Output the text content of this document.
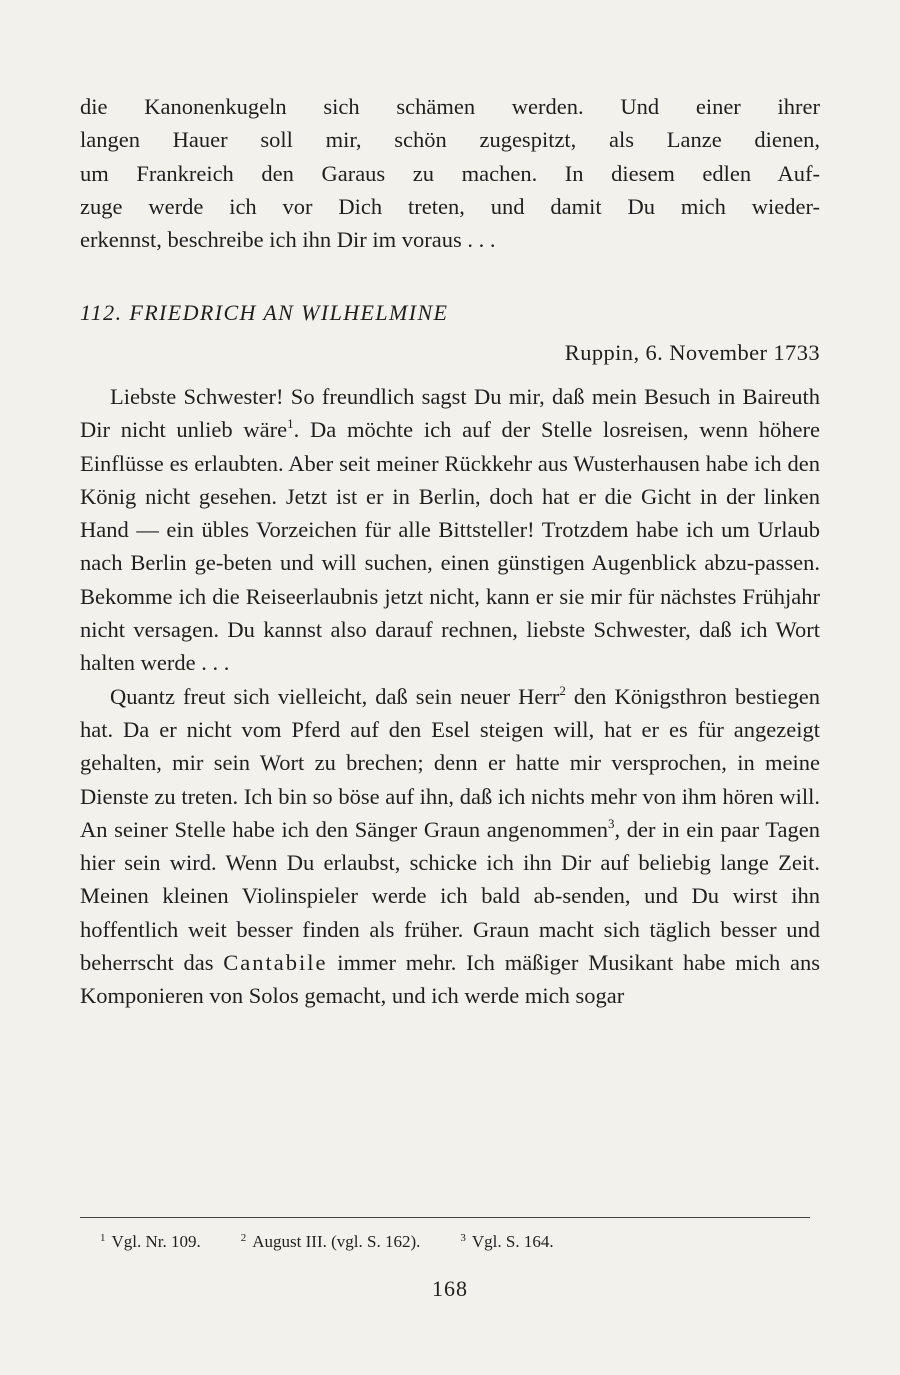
die Kanonenkugeln sich schämen werden. Und einer ihrer
langen Hauer soll mir, schön zugespitzt, als Lanze dienen,
um Frankreich den Garaus zu machen. In diesem edlen Auf-
zuge werde ich vor Dich treten, und damit Du mich wieder-
erkennst, beschreibe ich ihn Dir im voraus . . .
112. FRIEDRICH AN WILHELMINE
Ruppin, 6. November 1733

Liebste Schwester! So freundlich sagst Du mir, daß mein Besuch in Baireuth Dir nicht unlieb wäre$^1$. Da möchte ich auf der Stelle losreisen, wenn höhere Einflüsse es erlaubten. Aber seit meiner Rückkehr aus Wusterhausen habe ich den König nicht gesehen. Jetzt ist er in Berlin, doch hat er die Gicht in der linken Hand — ein übles Vorzeichen für alle Bittsteller! Trotzdem habe ich um Urlaub nach Berlin ge-beten und will suchen, einen günstigen Augenblick abzu-passen. Bekomme ich die Reiseerlaubnis jetzt nicht, kann er sie mir für nächstes Frühjahr nicht versagen. Du kannst also darauf rechnen, liebste Schwester, daß ich Wort halten werde . . .

Quantz freut sich vielleicht, daß sein neuer Herr$^2$ den Königsthron bestiegen hat. Da er nicht vom Pferd auf den Esel steigen will, hat er es für angezeigt gehalten, mir sein Wort zu brechen; denn er hatte mir versprochen, in meine Dienste zu treten. Ich bin so böse auf ihn, daß ich nichts mehr von ihm hören will. An seiner Stelle habe ich den Sänger Graun angenommen$^3$, der in ein paar Tagen hier sein wird. Wenn Du erlaubst, schicke ich ihn Dir auf beliebig lange Zeit. Meinen kleinen Violinspieler werde ich bald ab-senden, und Du wirst ihn hoffentlich weit besser finden als früher. Graun macht sich täglich besser und beherrscht das Cantabile immer mehr. Ich mäßiger Musikant habe mich ans Komponieren von Solos gemacht, und ich werde mich sogar

$^1$ Vgl. Nr. 109.	$^2$ August III. (vgl. S. 162).	$^3$ Vgl. S. 164.
168
